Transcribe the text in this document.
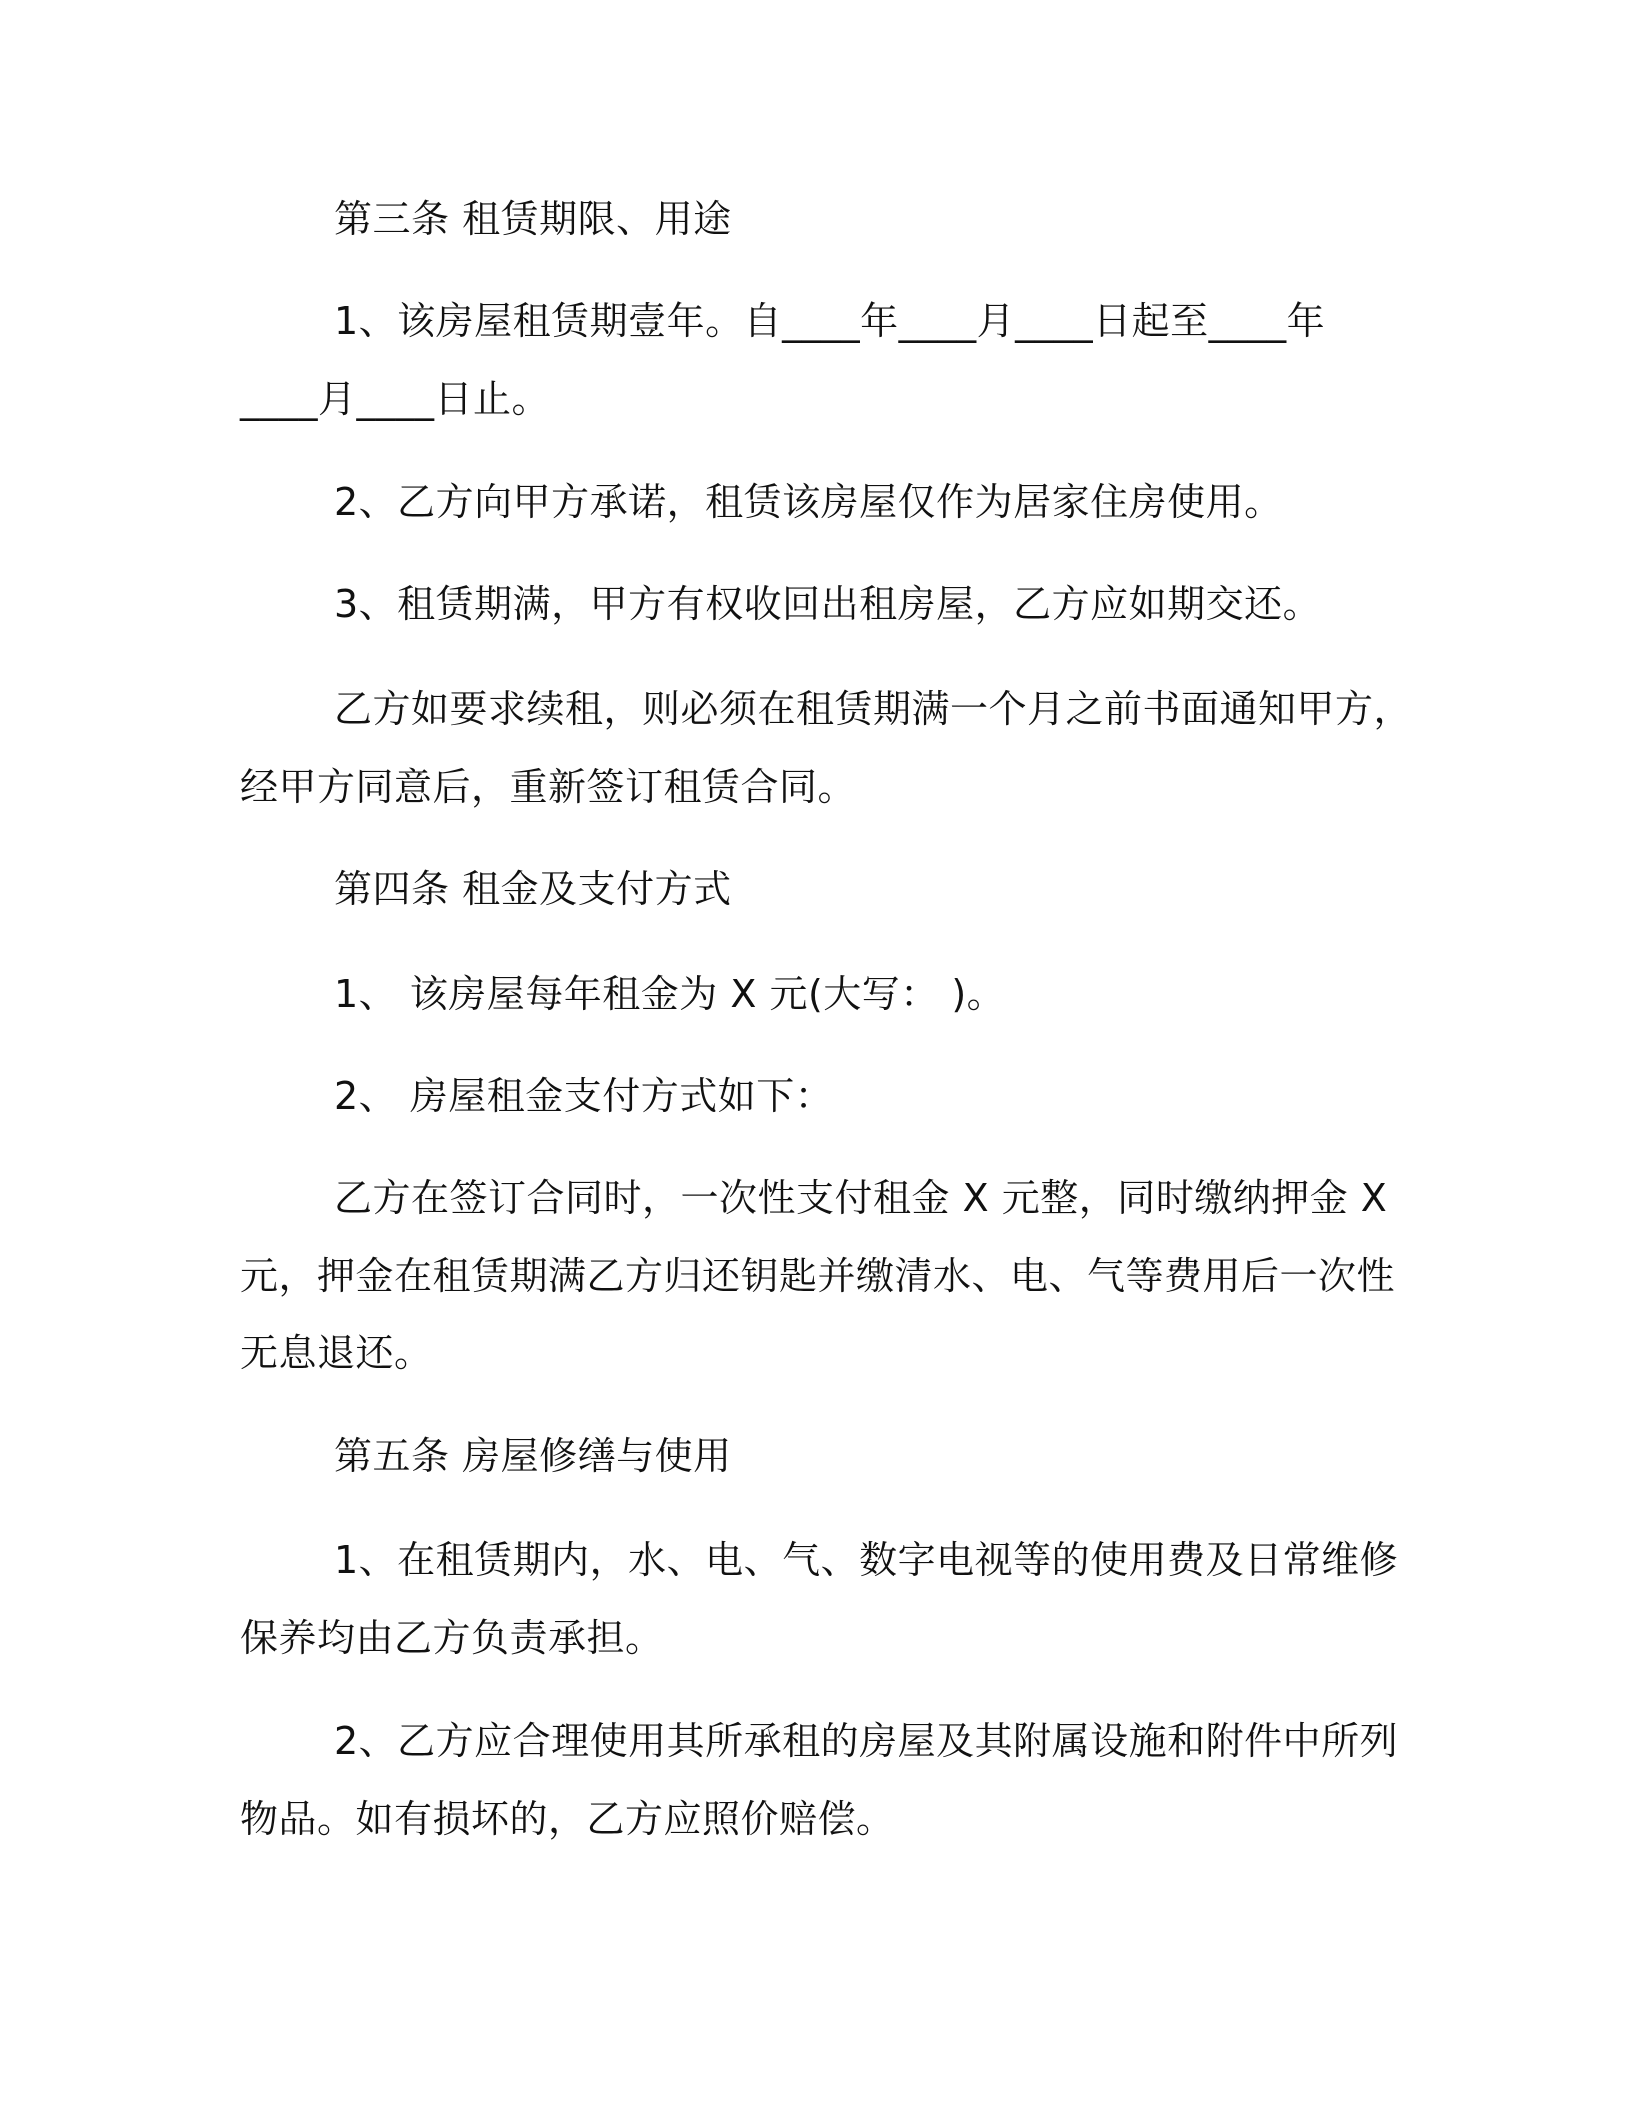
第三条 租赁期限、用途
1、该房屋租赁期壹年。自____年____月____日起至____年
____月____日止。
2、乙方向甲方承诺，租赁该房屋仅作为居家住房使用。
3、租赁期满，甲方有权收回出租房屋，乙方应如期交还。
乙方如要求续租，则必须在租赁期满一个月之前书面通知甲方，
经甲方同意后，重新签订租赁合同。
第四条 租金及支付方式
1、 该房屋每年租金为 X 元(大写： )。
2、 房屋租金支付方式如下：
乙方在签订合同时，一次性支付租金 X 元整，同时缴纳押金 X
元，押金在租赁期满乙方归还钥匙并缴清水、电、气等费用后一次性
无息退还。
第五条 房屋修缮与使用
1、在租赁期内，水、电、气、数字电视等的使用费及日常维修
保养均由乙方负责承担。
2、乙方应合理使用其所承租的房屋及其附属设施和附件中所列
物品。如有损坏的，乙方应照价赔偿。
